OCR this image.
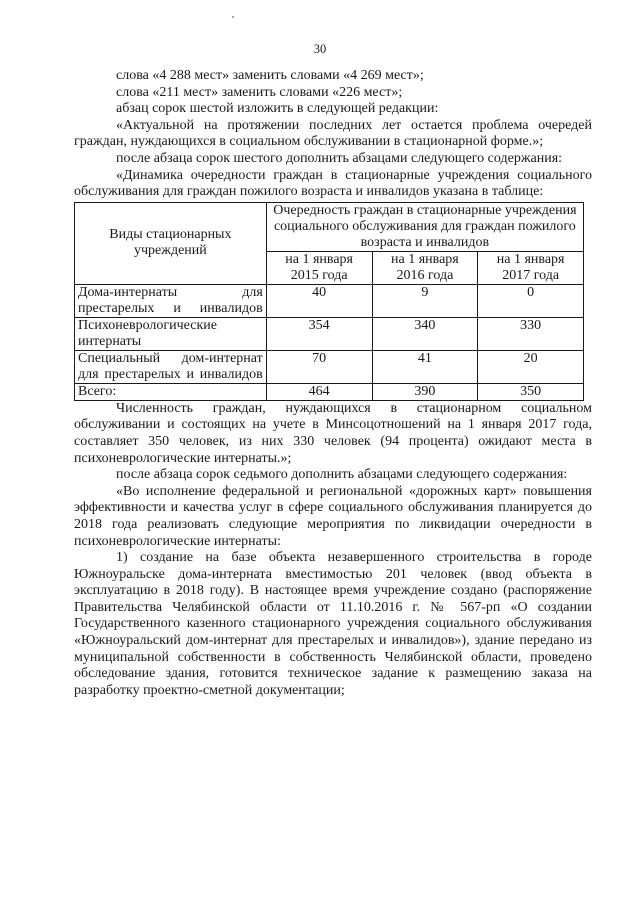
30

слова «4 288 мест» заменить словами «4 269 мест»;

слова «211 мест» заменить словами «226 мест»;

абзац сорок шестой изложить в следующей редакции:

«Актуальной на протяжении последних лет остается проблема очередей граждан, нуждающихся в социальном обслуживании в стационарной форме.»;

после абзаца сорок шестого дополнить абзацами следующего содержания:

«Динамика очередности граждан в стационарные учреждения социального обслуживания для граждан пожилого возраста и инвалидов указана в таблице:

Виды стационарных учреждений	Очередность граждан в стационарные учреждения социального обслуживания для граждан пожилого возраста и инвалидов		
	на 1 января 2015 года	на 1 января 2016 года	на 1 января 2017 года
Дома-интернаты для престарелых и инвалидов	40	9	0
Психоневрологические интернаты	354	340	330
Специальный дом-интернат для престарелых и инвалидов	70	41	20
Всего:	464	390	350

Численность граждан, нуждающихся в стационарном социальном обслуживании и состоящих на учете в Минсоцотношений на 1 января 2017 года, составляет 350 человек, из них 330 человек (94 процента) ожидают места в психоневрологические интернаты.»;

после абзаца сорок седьмого дополнить абзацами следующего содержания:

«Во исполнение федеральной и региональной «дорожных карт» повышения эффективности и качества услуг в сфере социального обслуживания планируется до 2018 года реализовать следующие мероприятия по ликвидации очередности в психоневрологические интернаты:

1) создание на базе объекта незавершенного строительства в городе Южноуральске дома-интерната вместимостью 201 человек (ввод объекта в эксплуатацию в 2018 году). В настоящее время учреждение создано (распоряжение Правительства Челябинской области от 11.10.2016 г. № 567-рп «О создании Государственного казенного стационарного учреждения социального обслуживания «Южноуральский дом-интернат для престарелых и инвалидов»), здание передано из муниципальной собственности в собственность Челябинской области, проведено обследование здания, готовится техническое задание к размещению заказа на разработку проектно-сметной документации;
